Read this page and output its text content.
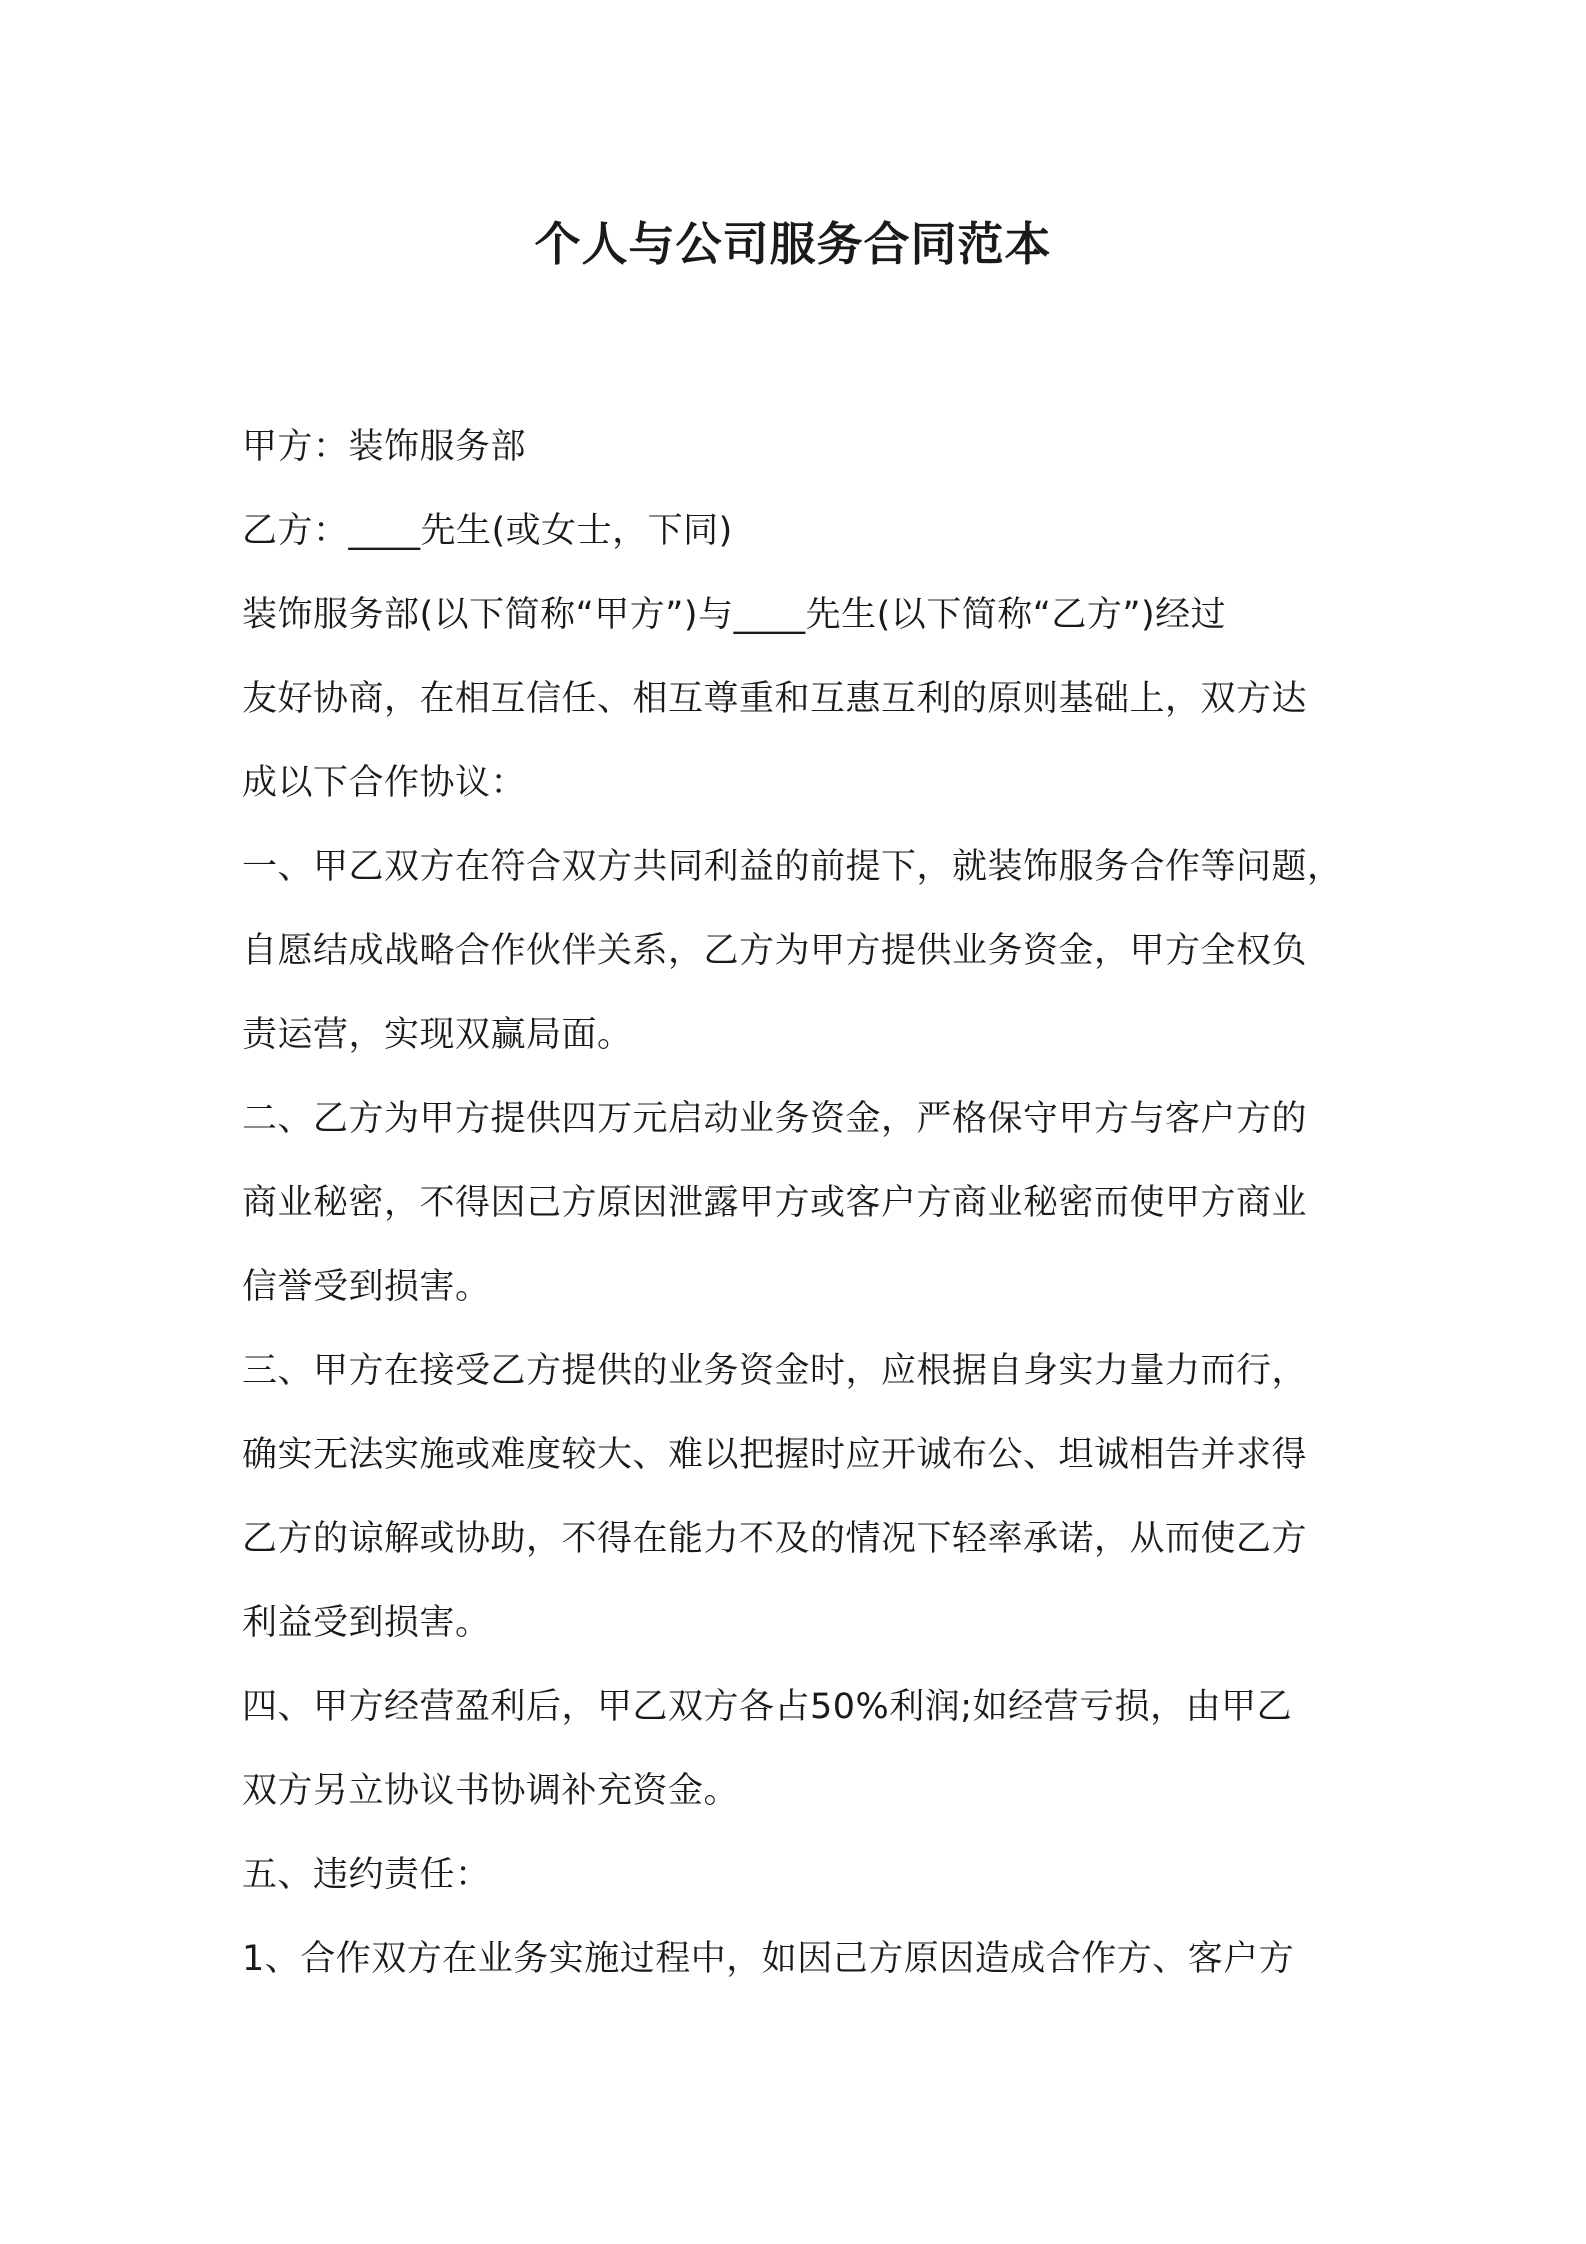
个人与公司服务合同范本
甲方：装饰服务部
乙方：____先生(或女士，下同)
装饰服务部(以下简称“甲方”)与____先生(以下简称“乙方”)经过
友好协商，在相互信任、相互尊重和互惠互利的原则基础上，双方达
成以下合作协议：
一、甲乙双方在符合双方共同利益的前提下，就装饰服务合作等问题，
自愿结成战略合作伙伴关系，乙方为甲方提供业务资金，甲方全权负
责运营，实现双赢局面。
二、乙方为甲方提供四万元启动业务资金，严格保守甲方与客户方的
商业秘密，不得因己方原因泄露甲方或客户方商业秘密而使甲方商业
信誉受到损害。
三、甲方在接受乙方提供的业务资金时，应根据自身实力量力而行，
确实无法实施或难度较大、难以把握时应开诚布公、坦诚相告并求得
乙方的谅解或协助，不得在能力不及的情况下轻率承诺，从而使乙方
利益受到损害。
四、甲方经营盈利后，甲乙双方各占50%利润;如经营亏损，由甲乙
双方另立协议书协调补充资金。
五、违约责任：
1、合作双方在业务实施过程中，如因己方原因造成合作方、客户方
